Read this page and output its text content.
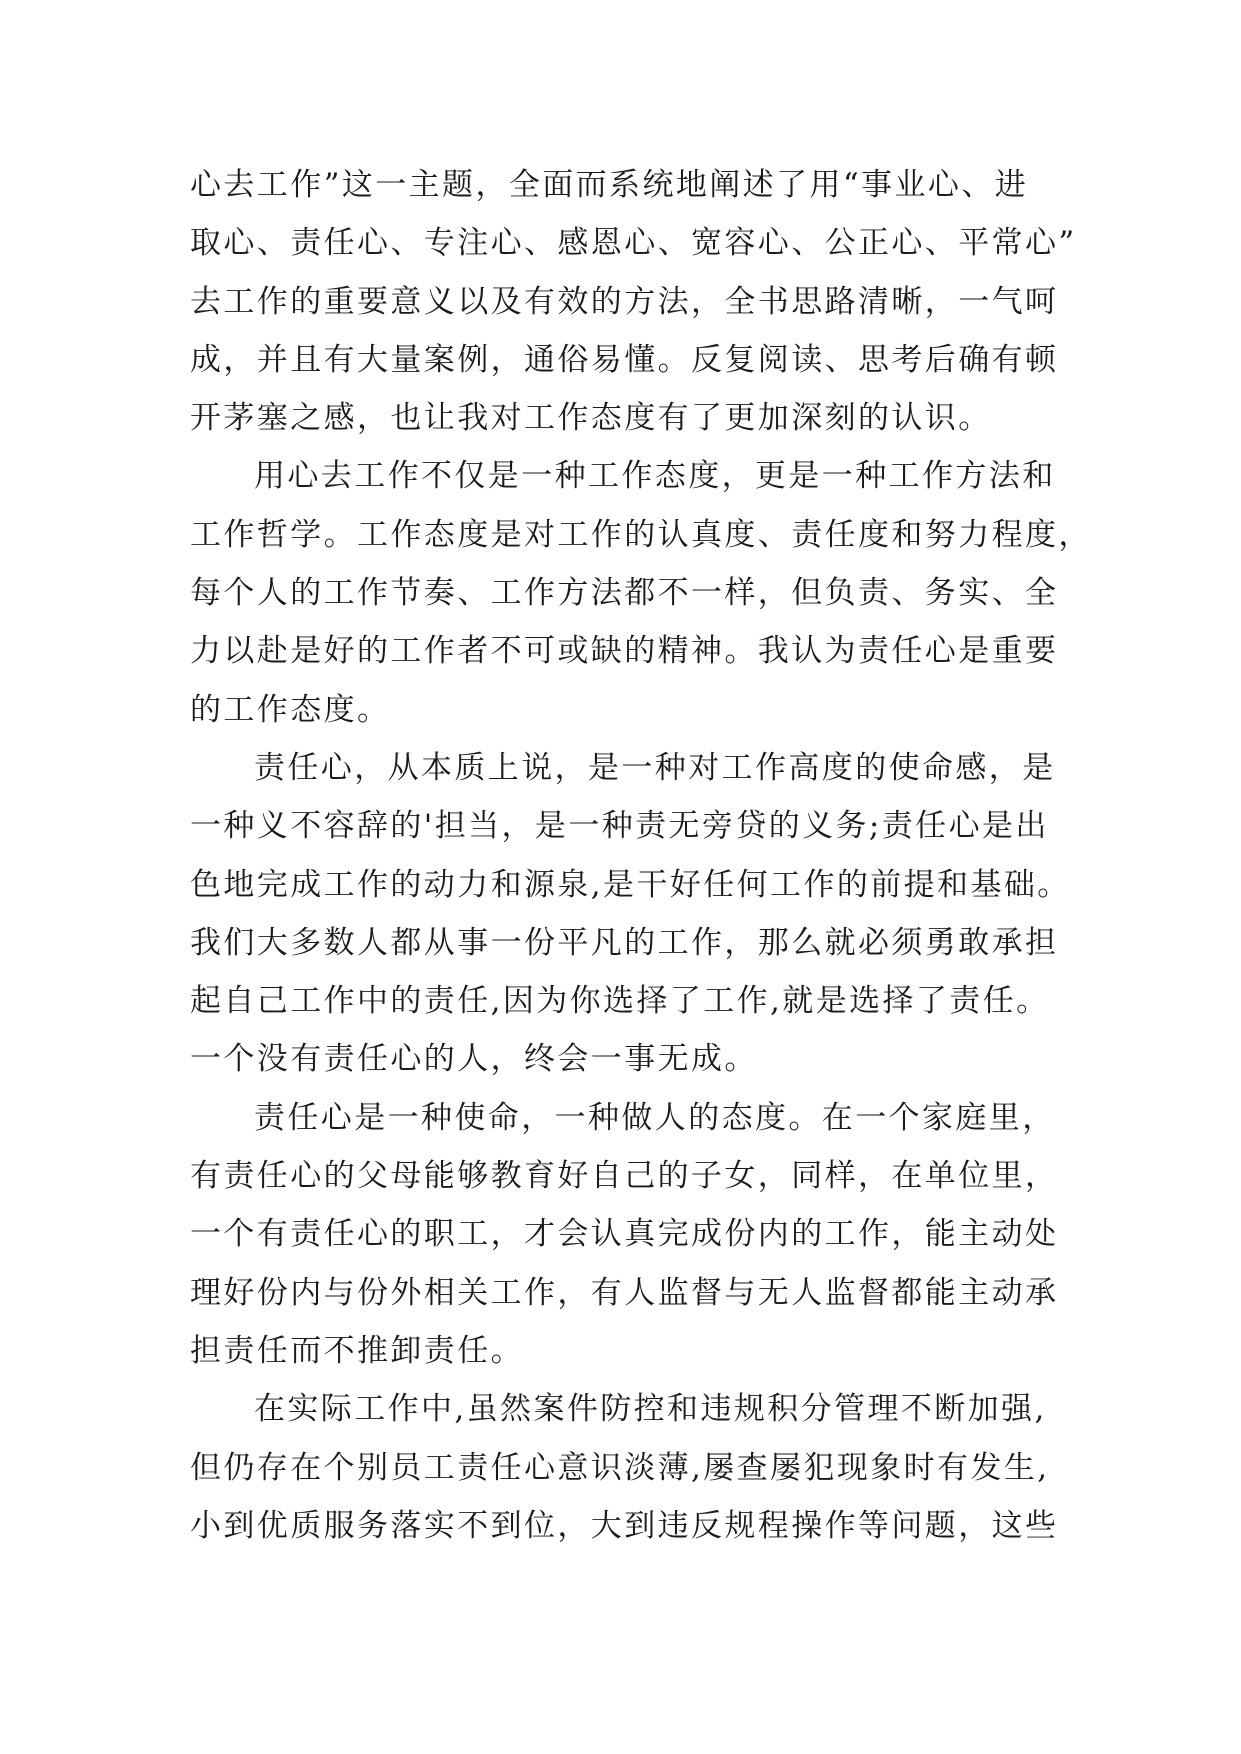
心去工作”这一主题，全面而系统地阐述了用“事业心、进
取心、责任心、专注心、感恩心、宽容心、公正心、平常心”
去工作的重要意义以及有效的方法，全书思路清晰，一气呵
成，并且有大量案例，通俗易懂。反复阅读、思考后确有顿
开茅塞之感，也让我对工作态度有了更加深刻的认识。
用心去工作不仅是一种工作态度，更是一种工作方法和
工作哲学。工作态度是对工作的认真度、责任度和努力程度，
每个人的工作节奏、工作方法都不一样，但负责、务实、全
力以赴是好的工作者不可或缺的精神。我认为责任心是重要
的工作态度。
责任心，从本质上说，是一种对工作高度的使命感，是
一种义不容辞的'担当，是一种责无旁贷的义务;责任心是出
色地完成工作的动力和源泉,是干好任何工作的前提和基础。
我们大多数人都从事一份平凡的工作，那么就必须勇敢承担
起自己工作中的责任,因为你选择了工作,就是选择了责任。
一个没有责任心的人，终会一事无成。
责任心是一种使命，一种做人的态度。在一个家庭里，
有责任心的父母能够教育好自己的子女，同样，在单位里，
一个有责任心的职工，才会认真完成份内的工作，能主动处
理好份内与份外相关工作，有人监督与无人监督都能主动承
担责任而不推卸责任。
在实际工作中,虽然案件防控和违规积分管理不断加强,
但仍存在个别员工责任心意识淡薄,屡查屡犯现象时有发生,
小到优质服务落实不到位，大到违反规程操作等问题，这些
